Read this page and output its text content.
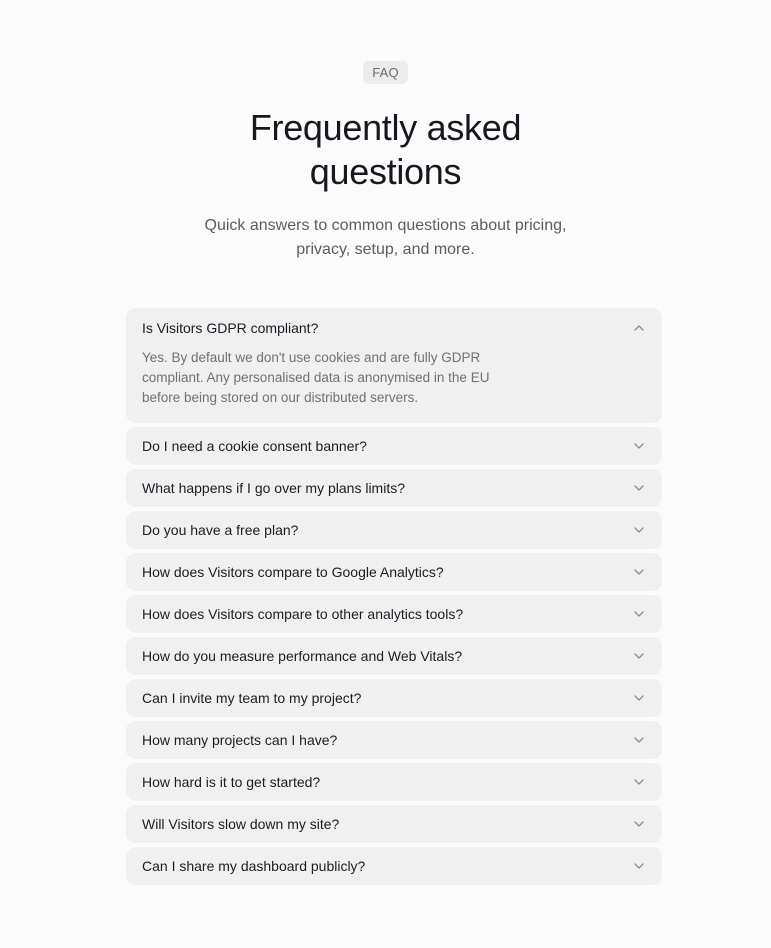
FAQ
Frequently asked questions

Quick answers to common questions about pricing, privacy, setup, and more.

Is Visitors GDPR compliant?
Yes. By default we don't use cookies and are fully GDPR compliant. Any personalised data is anonymised in the EU before being stored on our distributed servers.
Do I need a cookie consent banner?
What happens if I go over my plans limits?
Do you have a free plan?
How does Visitors compare to Google Analytics?
How does Visitors compare to other analytics tools?
How do you measure performance and Web Vitals?
Can I invite my team to my project?
How many projects can I have?
How hard is it to get started?
Will Visitors slow down my site?
Can I share my dashboard publicly?
